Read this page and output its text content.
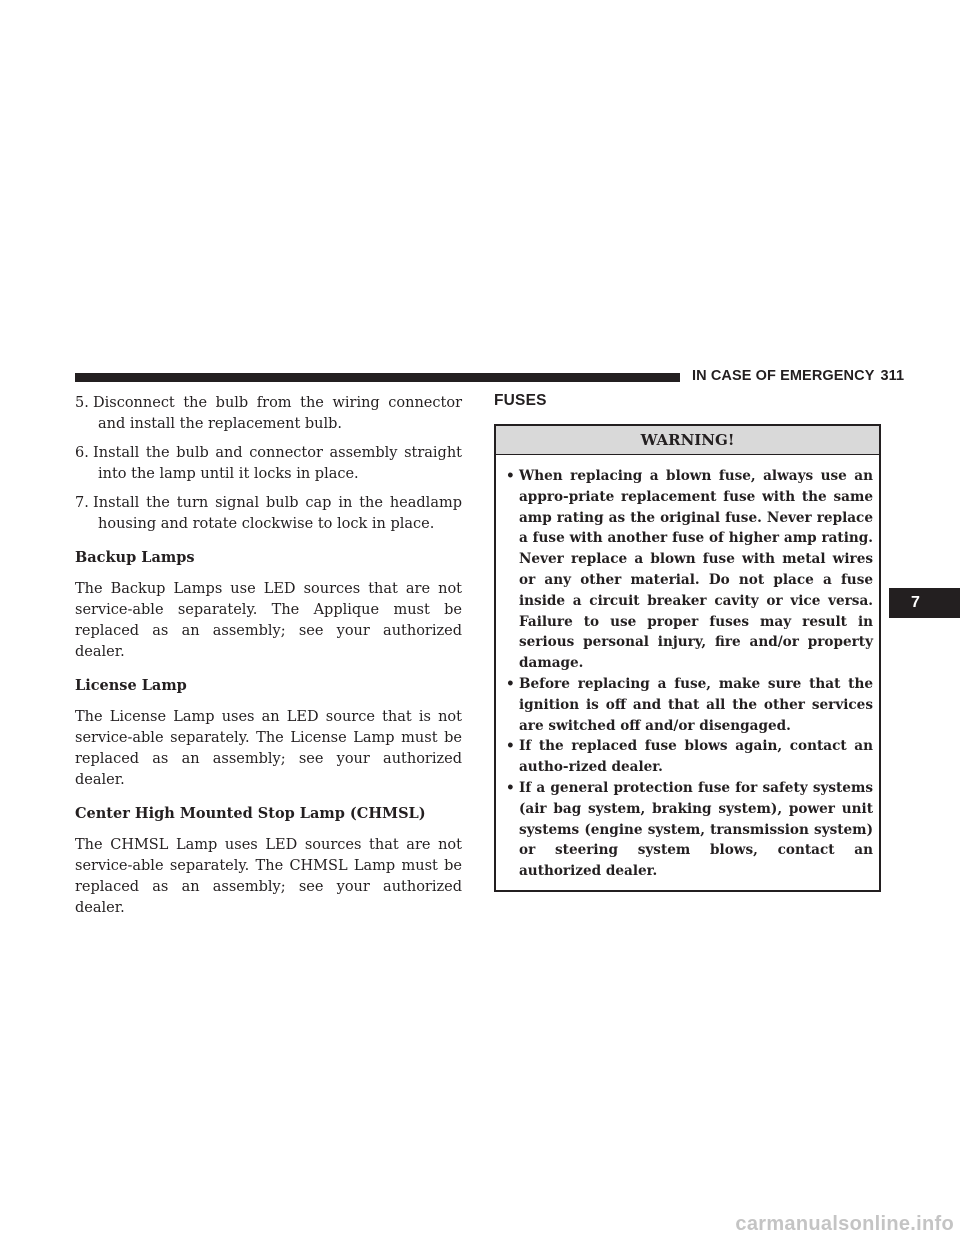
IN CASE OF EMERGENCY 311

5. Disconnect the bulb from the wiring connector and install the replacement bulb.

6. Install the bulb and connector assembly straight into the lamp until it locks in place.

7. Install the turn signal bulb cap in the headlamp housing and rotate clockwise to lock in place.

Backup Lamps

The Backup Lamps use LED sources that are not service-able separately. The Applique must be replaced as an assembly; see your authorized dealer.

License Lamp

The License Lamp uses an LED source that is not service-able separately. The License Lamp must be replaced as an assembly; see your authorized dealer.

Center High Mounted Stop Lamp (CHMSL)

The CHMSL Lamp uses LED sources that are not service-able separately. The CHMSL Lamp must be replaced as an assembly; see your authorized dealer.

FUSES
WARNING!
• When replacing a blown fuse, always use an appro-priate replacement fuse with the same amp rating as the original fuse. Never replace a fuse with another fuse of higher amp rating. Never replace a blown fuse with metal wires or any other material. Do not place a fuse inside a circuit breaker cavity or vice versa. Failure to use proper fuses may result in serious personal injury, fire and/or property damage.
• Before replacing a fuse, make sure that the ignition is off and that all the other services are switched off and/or disengaged.
• If the replaced fuse blows again, contact an autho-rized dealer.
• If a general protection fuse for safety systems (air bag system, braking system), power unit systems (engine system, transmission system) or steering system blows, contact an authorized dealer.
7
carmanualsonline.info
